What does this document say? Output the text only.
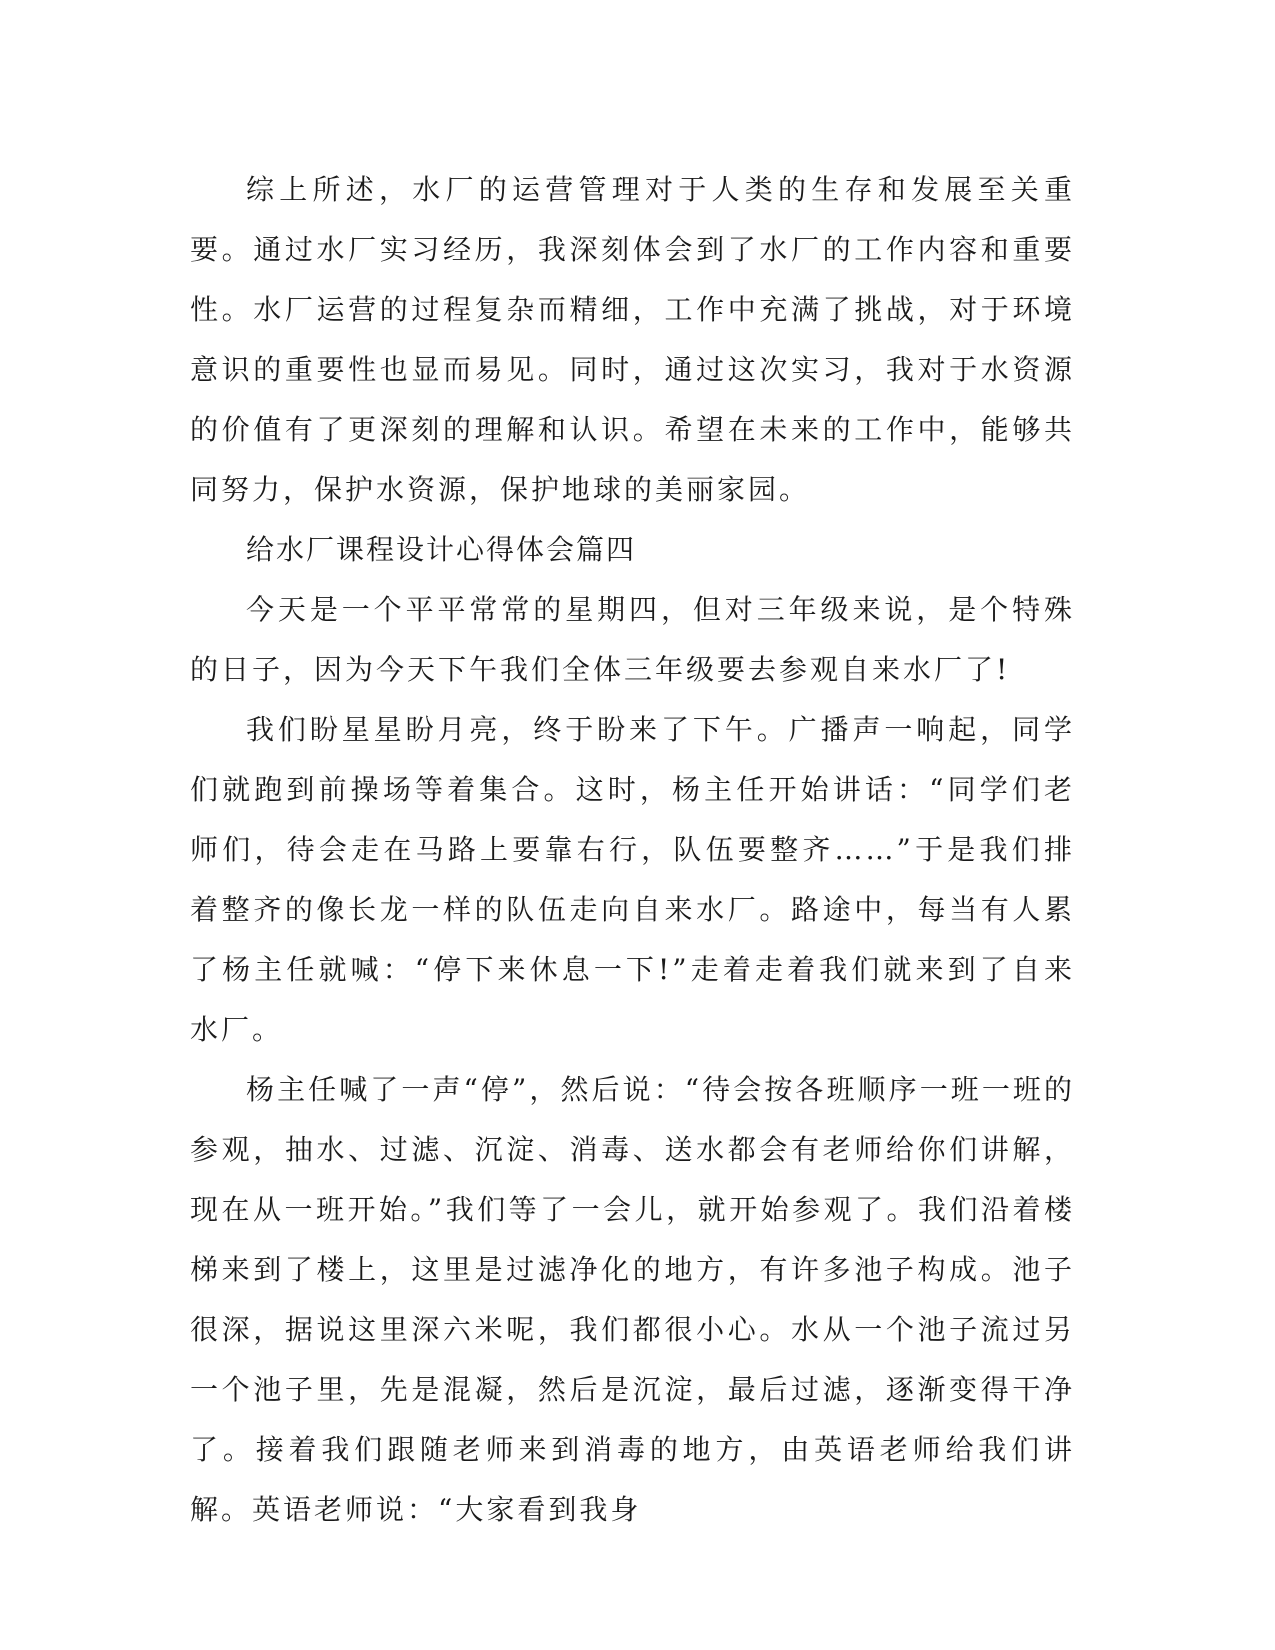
综上所述，水厂的运营管理对于人类的生存和发展至关重要。通过水厂实习经历，我深刻体会到了水厂的工作内容和重要性。水厂运营的过程复杂而精细，工作中充满了挑战，对于环境意识的重要性也显而易见。同时，通过这次实习，我对于水资源的价值有了更深刻的理解和认识。希望在未来的工作中，能够共同努力，保护水资源，保护地球的美丽家园。

给水厂课程设计心得体会篇四

今天是一个平平常常的星期四，但对三年级来说，是个特殊的日子，因为今天下午我们全体三年级要去参观自来水厂了!

我们盼星星盼月亮，终于盼来了下午。广播声一响起，同学们就跑到前操场等着集合。这时，杨主任开始讲话：“同学们老师们，待会走在马路上要靠右行，队伍要整齐……”于是我们排着整齐的像长龙一样的队伍走向自来水厂。路途中，每当有人累了杨主任就喊：“停下来休息一下!”走着走着我们就来到了自来水厂。

杨主任喊了一声“停”，然后说：“待会按各班顺序一班一班的参观，抽水、过滤、沉淀、消毒、送水都会有老师给你们讲解，现在从一班开始。”我们等了一会儿，就开始参观了。我们沿着楼梯来到了楼上，这里是过滤净化的地方，有许多池子构成。池子很深，据说这里深六米呢，我们都很小心。水从一个池子流过另一个池子里，先是混凝，然后是沉淀，最后过滤，逐渐变得干净了。接着我们跟随老师来到消毒的地方，由英语老师给我们讲解。英语老师说：“大家看到我身
